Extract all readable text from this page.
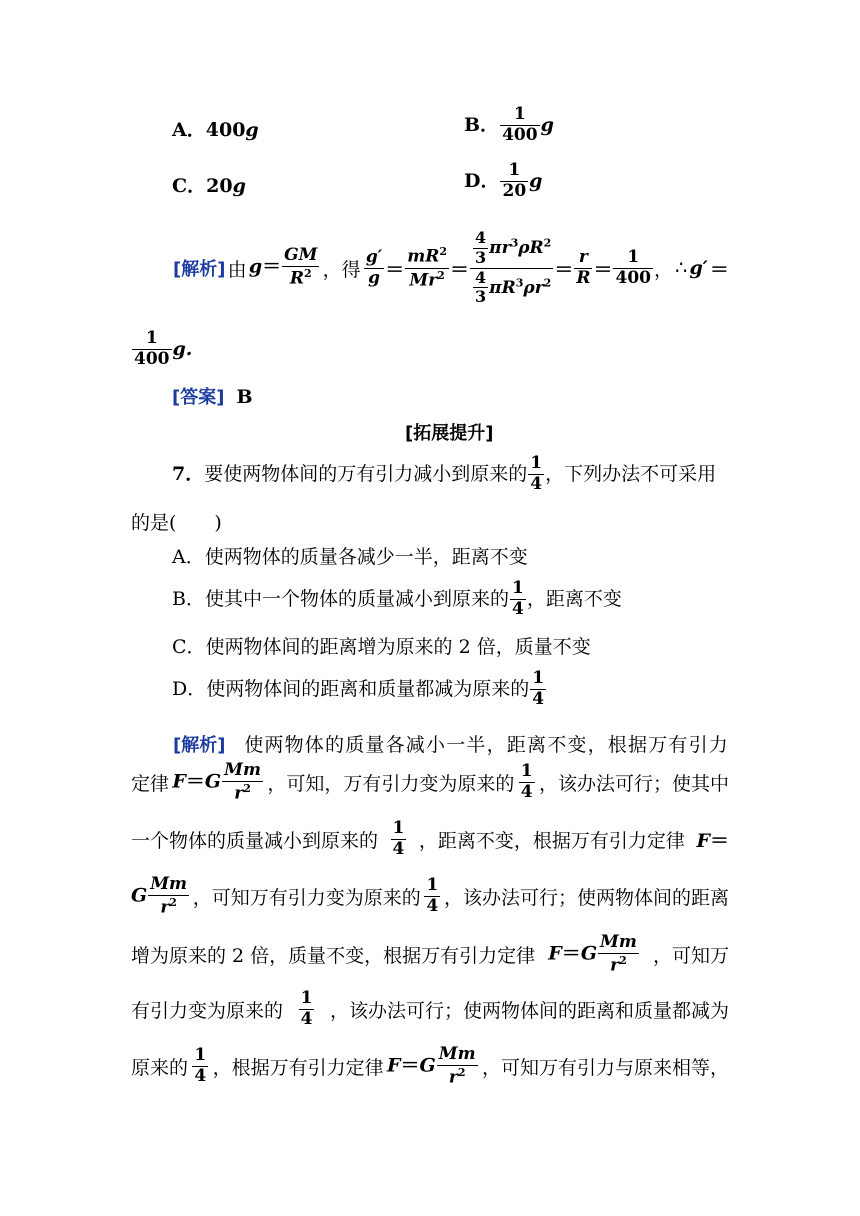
A．400g	B． $\frac{1}{400}$ g
C．20g	D． $\frac{1}{20}$ g
[解析] 由 $g= \frac{GM}{R^2}$ ，得
g′
g ＝
$mR^2$
$Mr^2$ ＝
$\frac{4}{3} \pi r^3\rho R^2$
$\frac{4}{3} \pi R^3\rho r^2$
＝
r
R ＝
1
400 ， ∴ g′ ＝
$\frac{1}{400} g$.
[答案] B
[拓展提升]
7．要使两物体间的万有引力减小到原来的 $\frac{1}{4}$ ，下列办法不可采用
的是(　　)
A．使两物体的质量各减少一半，距离不变
B．使其中一个物体的质量减小到原来的 $\frac{1}{4}$ ，距离不变
C．使两物体间的距离增为原来的 2 倍，质量不变
D．使两物体间的距离和质量都减为原来的 $\frac{1}{4}$
[解析] 使两物体的质量各减小一半，距离不变，根据万有引力
定律 $F=G \frac{Mm}{r^2}$ ，可知，万有引力变为原来的
1
4 ，该办法可行；使其中
一个物体的质量减小到原来的
1
4 ，距离不变，根据万有引力定律 F＝
G $\frac{Mm}{r^2}$ ，可知万有引力变为原来的
1
4 ，该办法可行；使两物体间的距离
增为原来的 2 倍，质量不变，根据万有引力定律 $F=G \frac{Mm}{r^2}$ ，可知万
有引力变为原来的
1
4 ，该办法可行；使两物体间的距离和质量都减为
原来的
1
4 ，根据万有引力定律 $F=G \frac{Mm}{r^2}$ ，可知万有引力与原来相等，
